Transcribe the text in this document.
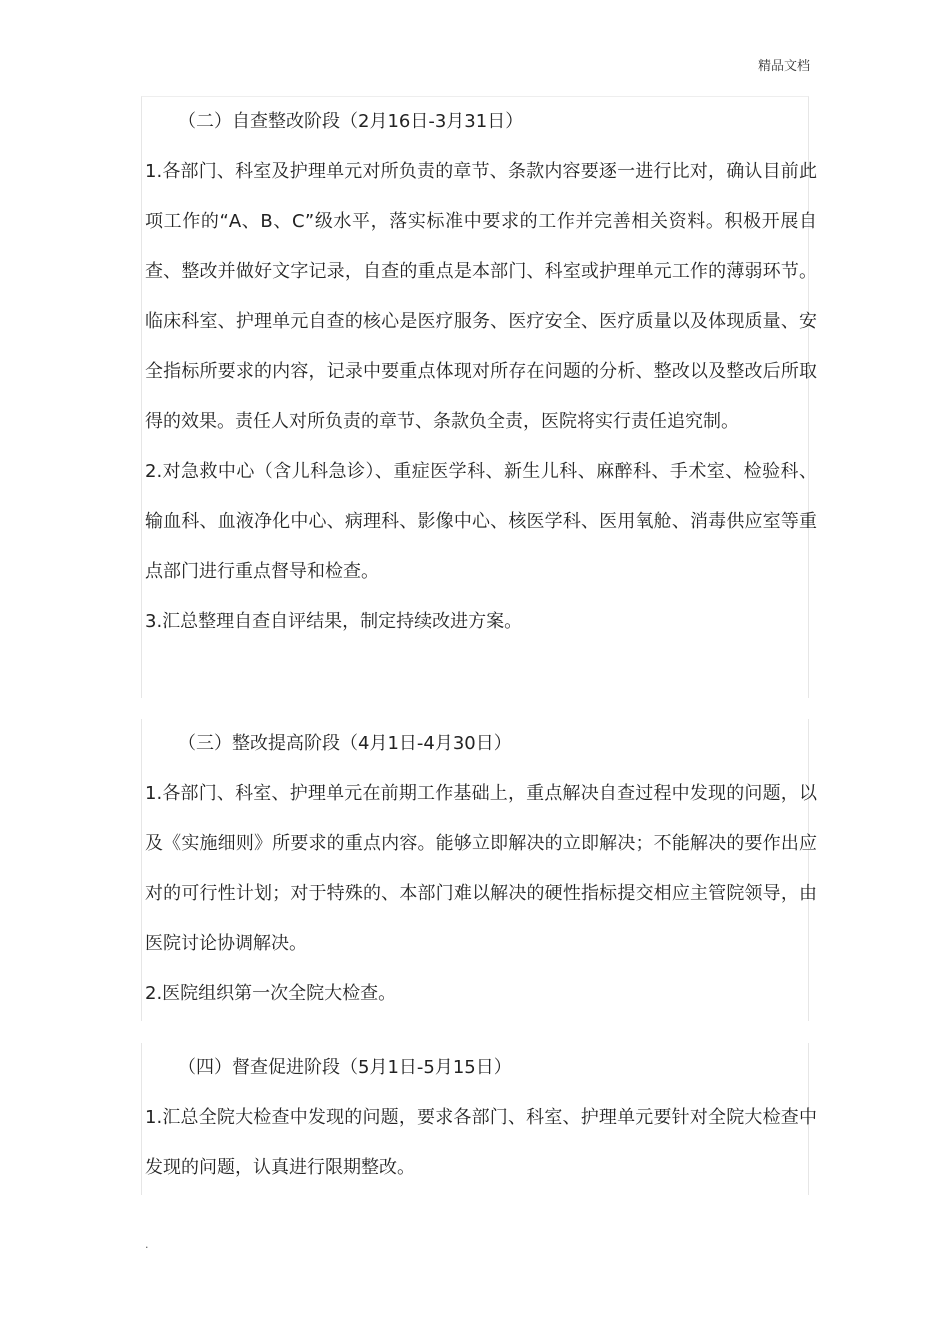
精品文档
（二）自查整改阶段（2月16日-3月31日）

1.各部门、科室及护理单元对所负责的章节、条款内容要逐一进行比对，确认目前此项工作的“A、B、C”级水平，落实标准中要求的工作并完善相关资料。积极开展自查、整改并做好文字记录，自查的重点是本部门、科室或护理单元工作的薄弱环节。临床科室、护理单元自查的核心是医疗服务、医疗安全、医疗质量以及体现质量、安全指标所要求的内容，记录中要重点体现对所存在问题的分析、整改以及整改后所取得的效果。责任人对所负责的章节、条款负全责，医院将实行责任追究制。

2.对急救中心（含儿科急诊）、重症医学科、新生儿科、麻醉科、手术室、检验科、输血科、血液净化中心、病理科、影像中心、核医学科、医用氧舱、消毒供应室等重点部门进行重点督导和检查。

3.汇总整理自查自评结果，制定持续改进方案。

（三）整改提高阶段（4月1日-4月30日）

1.各部门、科室、护理单元在前期工作基础上，重点解决自查过程中发现的问题，以及《实施细则》所要求的重点内容。能够立即解决的立即解决；不能解决的要作出应对的可行性计划；对于特殊的、本部门难以解决的硬性指标提交相应主管院领导，由医院讨论协调解决。

2.医院组织第一次全院大检查。

（四）督查促进阶段（5月1日-5月15日）

1.汇总全院大检查中发现的问题，要求各部门、科室、护理单元要针对全院大检查中发现的问题，认真进行限期整改。

.
